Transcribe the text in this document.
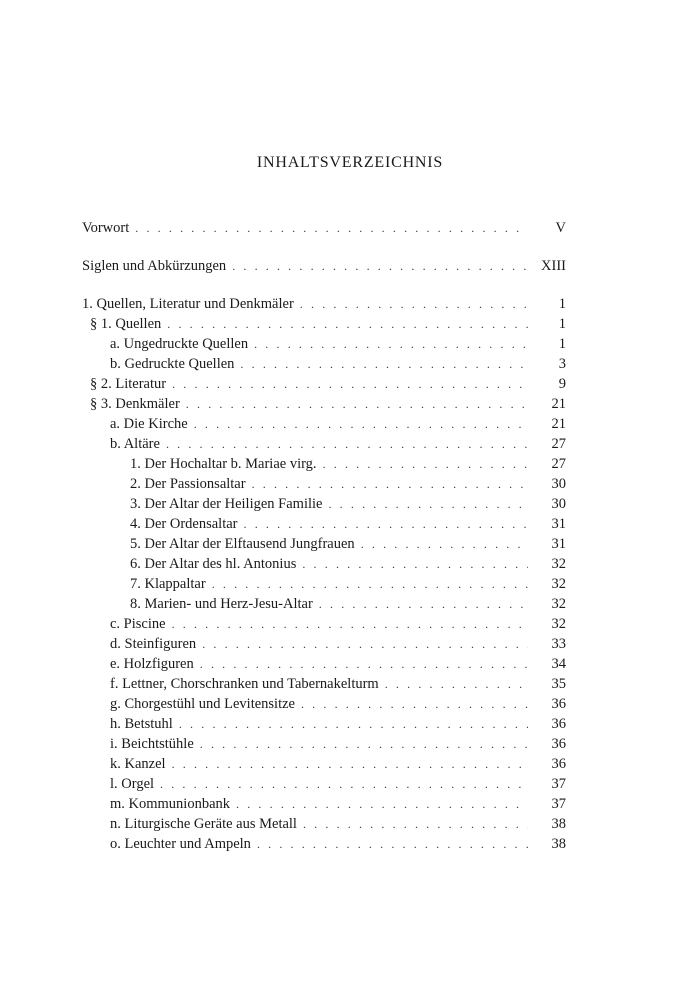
INHALTSVERZEICHNIS
Vorwort . . .	V
Siglen und Abkürzungen . . .	XIII
1. Quellen, Literatur und Denkmäler . . .	1
§ 1. Quellen . . .	1
a. Ungedruckte Quellen . . .	1
b. Gedruckte Quellen . . .	3
§ 2. Literatur . . .	9
§ 3. Denkmäler . . .	21
a. Die Kirche . . .	21
b. Altäre . . .	27
1. Der Hochaltar b. Mariae virg. . . .	27
2. Der Passionsaltar . . .	30
3. Der Altar der Heiligen Familie . . .	30
4. Der Ordensaltar . . .	31
5. Der Altar der Elftausend Jungfrauen . . .	31
6. Der Altar des hl. Antonius . . .	32
7. Klappaltar . . .	32
8. Marien- und Herz-Jesu-Altar . . .	32
c. Piscine . . .	32
d. Steinfiguren . . .	33
e. Holzfiguren . . .	34
f. Lettner, Chorschranken und Tabernakelturm . . .	35
g. Chorgestühl und Levitensitze . . .	36
h. Betstuhl . . .	36
i. Beichtstühle . . .	36
k. Kanzel . . .	36
l. Orgel . . .	37
m. Kommunionbank . . .	37
n. Liturgische Geräte aus Metall . . .	38
o. Leuchter und Ampeln . . .	38
